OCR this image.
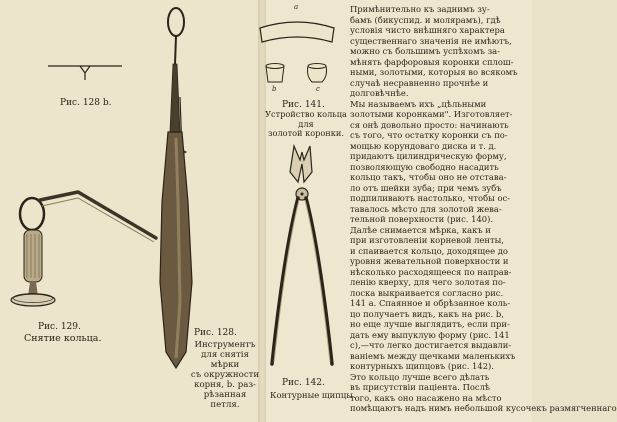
Рис. 128 b.
Рис. 129.
Снятие кольца.	Рис. 128.
Инструментъ
для снятія мѣрки
съ окружности
корня, b. раз-
рѣзанная петля.
a
b	c
Рис. 141.
Устройство кольца для
золотой коронки.
Рис. 142.
Контурные щипцы.
Примѣнительно къ заднимъ зу-
бамъ (бикуспид. и молярамъ), гдѣ
условія чисто внѣшняго характера
существеннаго значенія не имѣютъ,
можно съ большимъ успѣхомъ за-
мѣнять фарфоровыя коронки сплош-
ными, золотыми, которыя во всякомъ
случаѣ несравненно прочнѣе и
долговѣчнѣе.
Мы называемъ ихъ „цѣльными
золотыми коронками". Изготовляет-
ся онѣ довольно просто: начинають
съ того, что остатку коронки съ по-
мощью корундоваго диска и т. д.
придаютъ цилиндрическую форму,
позволяющую свободно насадить
кольцо такъ, чтобы оно не отстава-
ло отъ шейки зуба; при чемъ зубъ
подпиливаютъ настолько, чтобы ос-
тавалось мѣсто для золотой жева-
тельной поверхности (рис. 140).
Далѣе снимается мѣрка, какъ и
при изготовленіи корневой ленты,
и спаивается кольцо, доходящее до
уровня жевательной поверхности и
нѣсколько расходящееся по направ-
ленію кверху, для чего золотая по-
лоска выкраивается согласно рис.
141 a. Спаянное и обрѣзанное коль-
цо получаетъ видъ, какъ на рис. b,
но еще лучше выглядитъ, если при-
дать ему выпуклую форму (рис. 141
c),—что легко достигается выдавли-
ваніемъ между щечками маленькихъ
контурныхъ щипцовъ (рис. 142).
Это кольцо лучше всего дѣлать
въ присутствіи пацiента. Послѣ
того, какъ оно насажено на мѣсто
помѣщаютъ надъ нимъ небольшой кусочекъ размягченнаго
